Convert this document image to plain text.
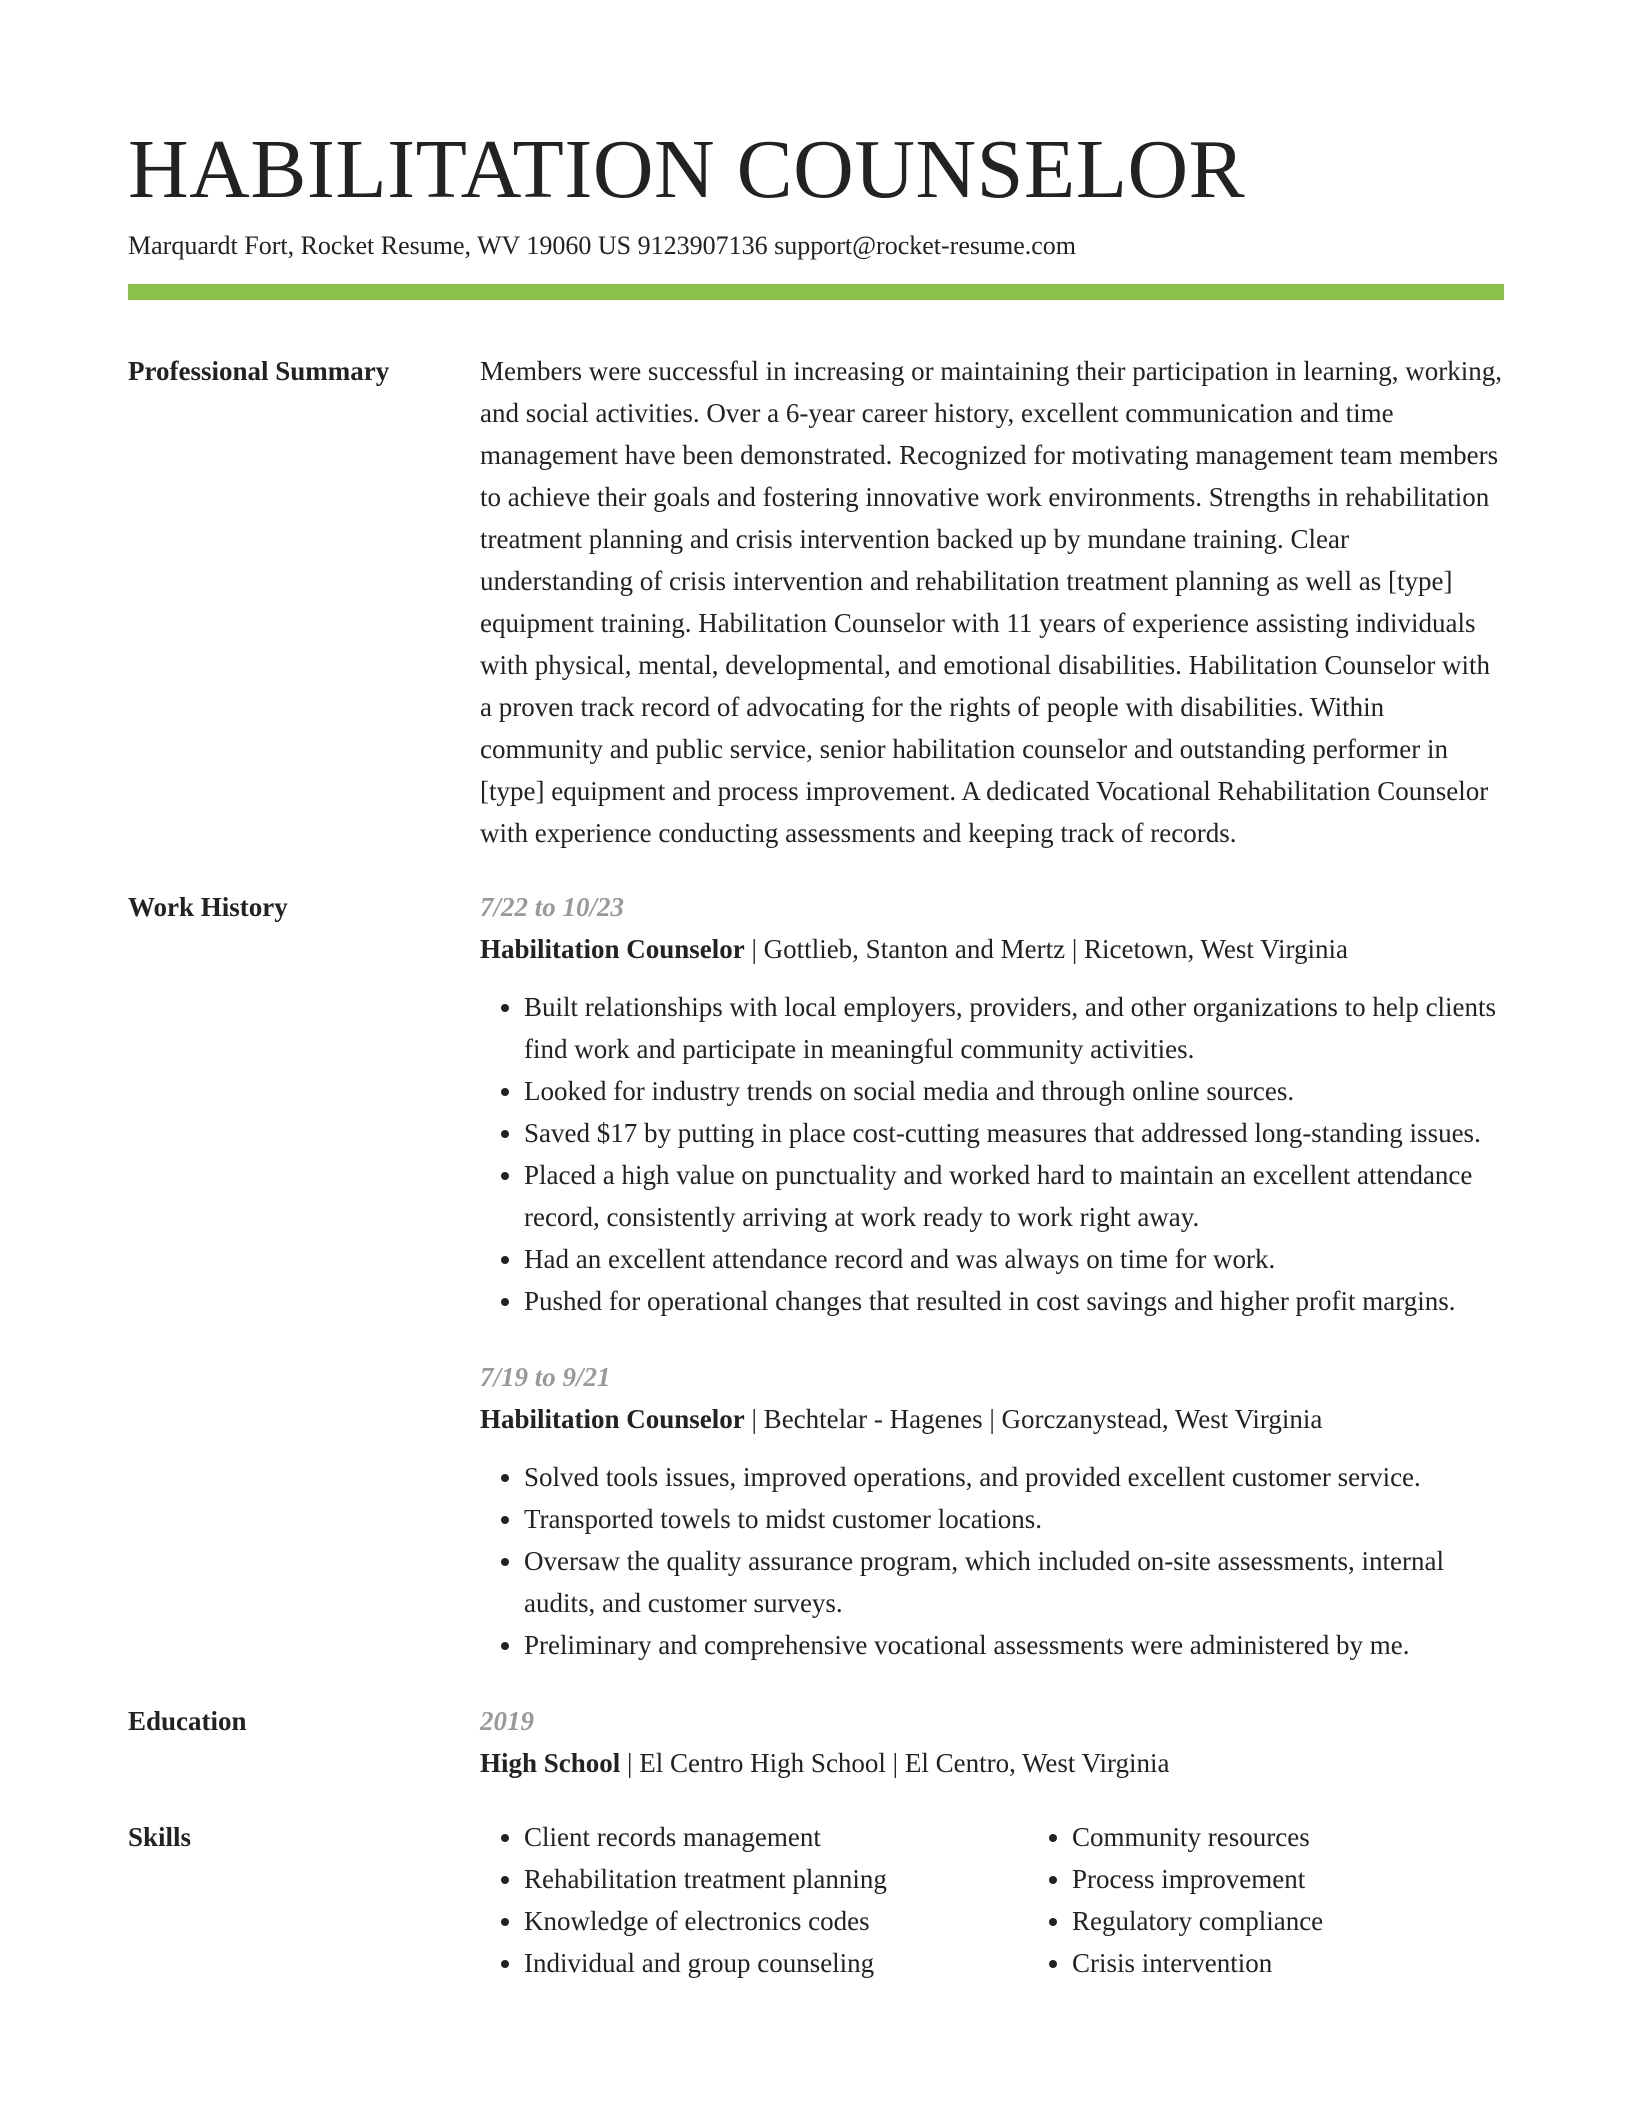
HABILITATION COUNSELOR
Marquardt Fort, Rocket Resume, WV 19060 US 9123907136 support@rocket-resume.com
Professional Summary	Members were successful in increasing or maintaining their participation in learning, working, and social activities. Over a 6-year career history, excellent communication and time management have been demonstrated. Recognized for motivating management team members to achieve their goals and fostering innovative work environments. Strengths in rehabilitation treatment planning and crisis intervention backed up by mundane training. Clear understanding of crisis intervention and rehabilitation treatment planning as well as [type] equipment training. Habilitation Counselor with 11 years of experience assisting individuals with physical, mental, developmental, and emotional disabilities. Habilitation Counselor with a proven track record of advocating for the rights of people with disabilities. Within community and public service, senior habilitation counselor and outstanding performer in [type] equipment and process improvement. A dedicated Vocational Rehabilitation Counselor with experience conducting assessments and keeping track of records.
Work History	7/22 to 10/23
Habilitation Counselor | Gottlieb, Stanton and Mertz | Ricetown, West Virginia
• Built relationships with local employers, providers, and other organizations to help clients find work and participate in meaningful community activities.
• Looked for industry trends on social media and through online sources.
• Saved $17 by putting in place cost-cutting measures that addressed long-standing issues.
• Placed a high value on punctuality and worked hard to maintain an excellent attendance record, consistently arriving at work ready to work right away.
• Had an excellent attendance record and was always on time for work.
• Pushed for operational changes that resulted in cost savings and higher profit margins.
7/19 to 9/21
Habilitation Counselor | Bechtelar - Hagenes | Gorczanystead, West Virginia
• Solved tools issues, improved operations, and provided excellent customer service.
• Transported towels to midst customer locations.
• Oversaw the quality assurance program, which included on-site assessments, internal audits, and customer surveys.
• Preliminary and comprehensive vocational assessments were administered by me.
Education	2019
High School | El Centro High School | El Centro, West Virginia
Skills
•	Client records management
• Rehabilitation treatment planning
• Knowledge of electronics codes
• Individual and group counseling
• Community resources
• Process improvement
• Regulatory compliance
• Crisis intervention
